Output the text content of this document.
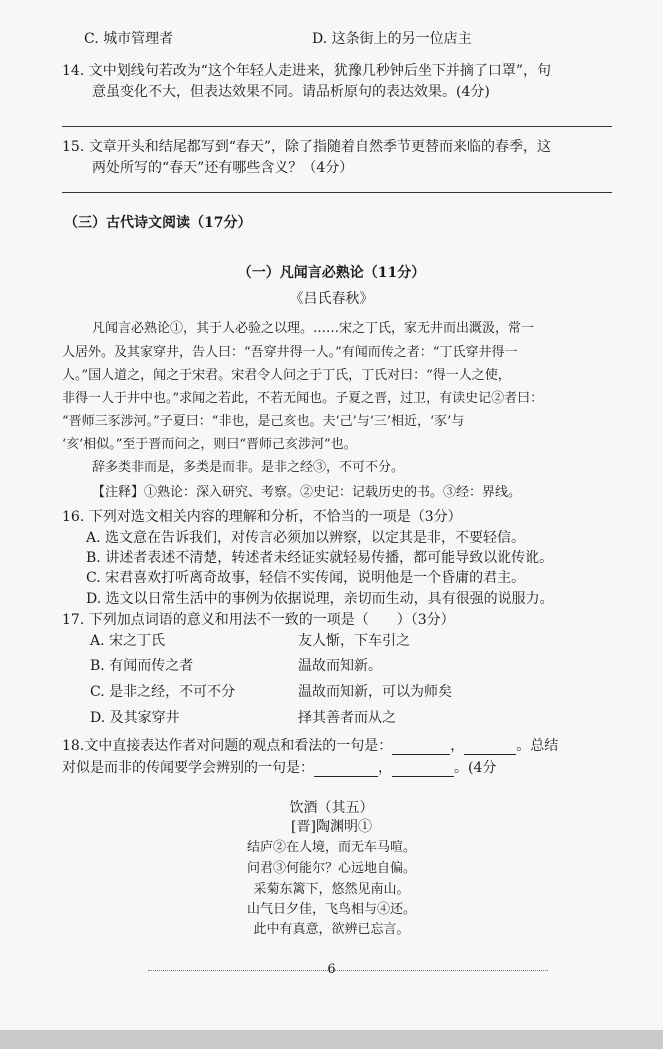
C. 城市管理者	D. 这条街上的另一位店主
14. 文中划线句若改为“这个年轻人走进来，犹豫几秒钟后坐下并摘了口罩”，句
意虽变化不大，但表达效果不同。请品析原句的表达效果。(4分)
15. 文章开头和结尾都写到“春天”，除了指随着自然季节更替而来临的春季，这
两处所写的“春天”还有哪些含义？（4分）
（三）古代诗文阅读（17分）
（一）凡闻言必熟论（11分）
《吕氏春秋》
凡闻言必熟论①，其于人必验之以理。……宋之丁氏，家无井而出溉汲，常一
人居外。及其家穿井，告人曰：“吾穿井得一人。”有闻而传之者：“丁氏穿井得一
人。”国人道之，闻之于宋君。宋君令人问之于丁氏，丁氏对曰：“得一人之使，
非得一人于井中也。”求闻之若此，不若无闻也。子夏之晋，过卫，有读史记②者曰：
“晋师三豕涉河。”子夏曰：“非也，是己亥也。夫‘己’与‘三’相近，‘豕’与
‘亥’相似。”至于晋而问之，则曰“晋师己亥涉河”也。
辞多类非而是，多类是而非。是非之经③，不可不分。
【注释】①熟论：深入研究、考察。②史记：记载历史的书。③经：界线。
16. 下列对选文相关内容的理解和分析，不恰当的一项是（3分）
A. 选文意在告诉我们，对传言必须加以辨察，以定其是非，不要轻信。
B. 讲述者表述不清楚，转述者未经证实就轻易传播，都可能导致以讹传讹。
C. 宋君喜欢打听离奇故事，轻信不实传闻，说明他是一个昏庸的君主。
D. 选文以日常生活中的事例为依据说理，亲切而生动，具有很强的说服力。
17. 下列加点词语的意义和用法不一致的一项是（　　）（3分）
A. 宋之丁氏	友人惭，下车引之
B. 有闻而传之者	温故而知新。
C. 是非之经，不可不分	温故而知新，可以为师矣
D. 及其家穿井	择其善者而从之
18.文中直接表达作者对问题的观点和看法的一句是：	，	。总结
对似是而非的传闻要学会辨别的一句是：	，	。(4分
饮酒（其五）
[晋]陶渊明①
结庐②在人境，而无车马喧。
问君③何能尔？心远地自偏。
采菊东篱下，悠然见南山。
山气日夕佳，飞鸟相与④还。
此中有真意，欲辨已忘言。
6
